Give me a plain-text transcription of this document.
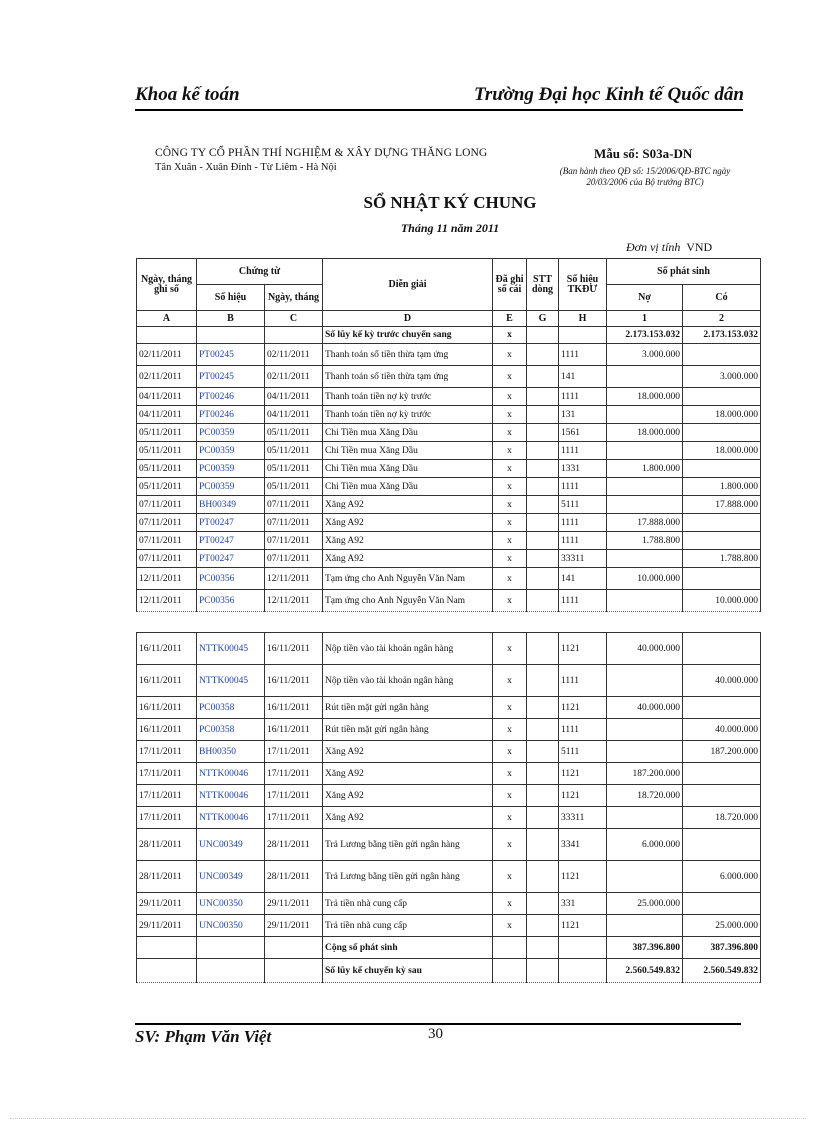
Khoa kế toán	Trường Đại học Kinh tế Quốc dân
CÔNG TY CỔ PHẦN THÍ NGHIỆM & XÂY DỰNG THĂNG LONG
Tân Xuân - Xuân Đỉnh - Từ Liêm - Hà Nội
Mẫu số: S03a-DN
(Ban hành theo QĐ số: 15/2006/QĐ-BTC ngày 20/03/2006 của Bộ trưởng BTC)
SỔ NHẬT KÝ CHUNG
Tháng 11 năm 2011
Đơn vị tính VND
Ngày, tháng ghi sổ	Chứng từ		Diễn giải	Đã ghi sổ cái	STT dòng	Số hiệu TKĐƯ	Số phát sinh	
	Số hiệu	Ngày, tháng					Nợ	Có
A	B	C	D	E	G	H	1	2
			Số lũy kế kỳ trước chuyển sang	x			2.173.153.032	2.173.153.032
02/11/2011	PT00245	02/11/2011	Thanh toán số tiền thừa tạm ứng	x		1111	3.000.000	
02/11/2011	PT00245	02/11/2011	Thanh toán số tiền thừa tạm ứng	x		141		3.000.000
04/11/2011	PT00246	04/11/2011	Thanh toán tiền nợ kỳ trước	x		1111	18.000.000	
04/11/2011	PT00246	04/11/2011	Thanh toán tiền nợ kỳ trước	x		131		18.000.000
05/11/2011	PC00359	05/11/2011	Chi Tiền mua Xăng Dầu	x		1561	18.000.000	
05/11/2011	PC00359	05/11/2011	Chi Tiền mua Xăng Dầu	x		1111		18.000.000
05/11/2011	PC00359	05/11/2011	Chi Tiền mua Xăng Dầu	x		1331	1.800.000	
05/11/2011	PC00359	05/11/2011	Chi Tiền mua Xăng Dầu	x		1111		1.800.000
07/11/2011	BH00349	07/11/2011	Xăng A92	x		5111		17.888.000
07/11/2011	PT00247	07/11/2011	Xăng A92	x		1111	17.888.000	
07/11/2011	PT00247	07/11/2011	Xăng A92	x		1111	1.788.800	
07/11/2011	PT00247	07/11/2011	Xăng A92	x		33311		1.788.800
12/11/2011	PC00356	12/11/2011	Tạm ứng cho Anh Nguyễn Văn Nam	x		141	10.000.000	
12/11/2011	PC00356	12/11/2011	Tạm ứng cho Anh Nguyễn Văn Nam	x		1111		10.000.000
16/11/2011	NTTK00045	16/11/2011	Nộp tiền vào tài khoản ngân hàng	x		1121	40.000.000	
16/11/2011	NTTK00045	16/11/2011	Nộp tiền vào tài khoản ngân hàng	x		1111		40.000.000
16/11/2011	PC00358	16/11/2011	Rút tiền mặt gửi ngân hàng	x		1121	40.000.000	
16/11/2011	PC00358	16/11/2011	Rút tiền mặt gửi ngân hàng	x		1111		40.000.000
17/11/2011	BH00350	17/11/2011	Xăng A92	x		5111		187.200.000
17/11/2011	NTTK00046	17/11/2011	Xăng A92	x		1121	187.200.000	
17/11/2011	NTTK00046	17/11/2011	Xăng A92	x		1121	18.720.000	
17/11/2011	NTTK00046	17/11/2011	Xăng A92	x		33311		18.720.000
28/11/2011	UNC00349	28/11/2011	Trả Lương bằng tiền gửi ngân hàng	x		3341	6.000.000	
28/11/2011	UNC00349	28/11/2011	Trả Lương bằng tiền gửi ngân hàng	x		1121		6.000.000
29/11/2011	UNC00350	29/11/2011	Trả tiền nhà cung cấp	x		331	25.000.000	
29/11/2011	UNC00350	29/11/2011	Trả tiền nhà cung cấp	x		1121		25.000.000
			Cộng số phát sinh				387.396.800	387.396.800
			Số lũy kế chuyển kỳ sau				2.560.549.832	2.560.549.832
SV: Phạm Văn Việt	30
